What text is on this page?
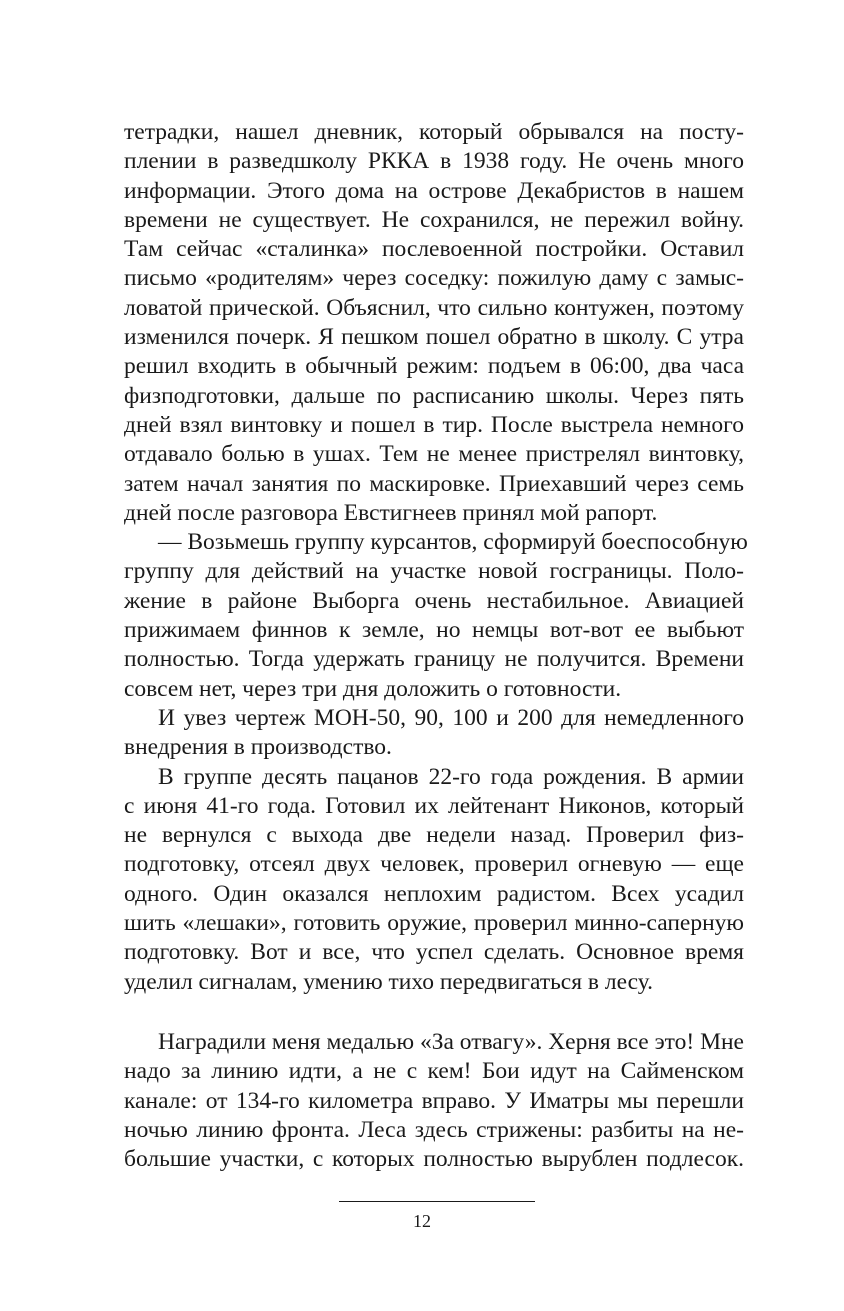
тетрадки, нашел дневник, который обрывался на посту-
плении в разведшколу РККА в 1938 году. Не очень много
информации. Этого дома на острове Декабристов в нашем
времени не существует. Не сохранился, не пережил войну.
Там сейчас «сталинка» послевоенной постройки. Оставил
письмо «родителям» через соседку: пожилую даму с замыс-
ловатой прической. Объяснил, что сильно контужен, поэтому
изменился почерк. Я пешком пошел обратно в школу. С утра
решил входить в обычный режим: подъем в 06:00, два часа
физподготовки, дальше по расписанию школы. Через пять
дней взял винтовку и пошел в тир. После выстрела немного
отдавало болью в ушах. Тем не менее пристрелял винтовку,
затем начал занятия по маскировке. Приехавший через семь
дней после разговора Евстигнеев принял мой рапорт.
— Возьмешь группу курсантов, сформируй боеспособную
группу для действий на участке новой госграницы. Поло-
жение в районе Выборга очень нестабильное. Авиацией
прижимаем финнов к земле, но немцы вот-вот ее выбьют
полностью. Тогда удержать границу не получится. Времени
совсем нет, через три дня доложить о готовности.
И увез чертеж МОН-50, 90, 100 и 200 для немедленного
внедрения в производство.
В группе десять пацанов 22-го года рождения. В армии
с июня 41-го года. Готовил их лейтенант Никонов, который
не вернулся с выхода две недели назад. Проверил физ-
подготовку, отсеял двух человек, проверил огневую — еще
одного. Один оказался неплохим радистом. Всех усадил
шить «лешаки», готовить оружие, проверил минно-саперную
подготовку. Вот и все, что успел сделать. Основное время
уделил сигналам, умению тихо передвигаться в лесу.
Наградили меня медалью «За отвагу». Херня все это! Мне
надо за линию идти, а не с кем! Бои идут на Сайменском
канале: от 134-го километра вправо. У Иматры мы перешли
ночью линию фронта. Леса здесь стрижены: разбиты на не-
большие участки, с которых полностью вырублен подлесок.
12
